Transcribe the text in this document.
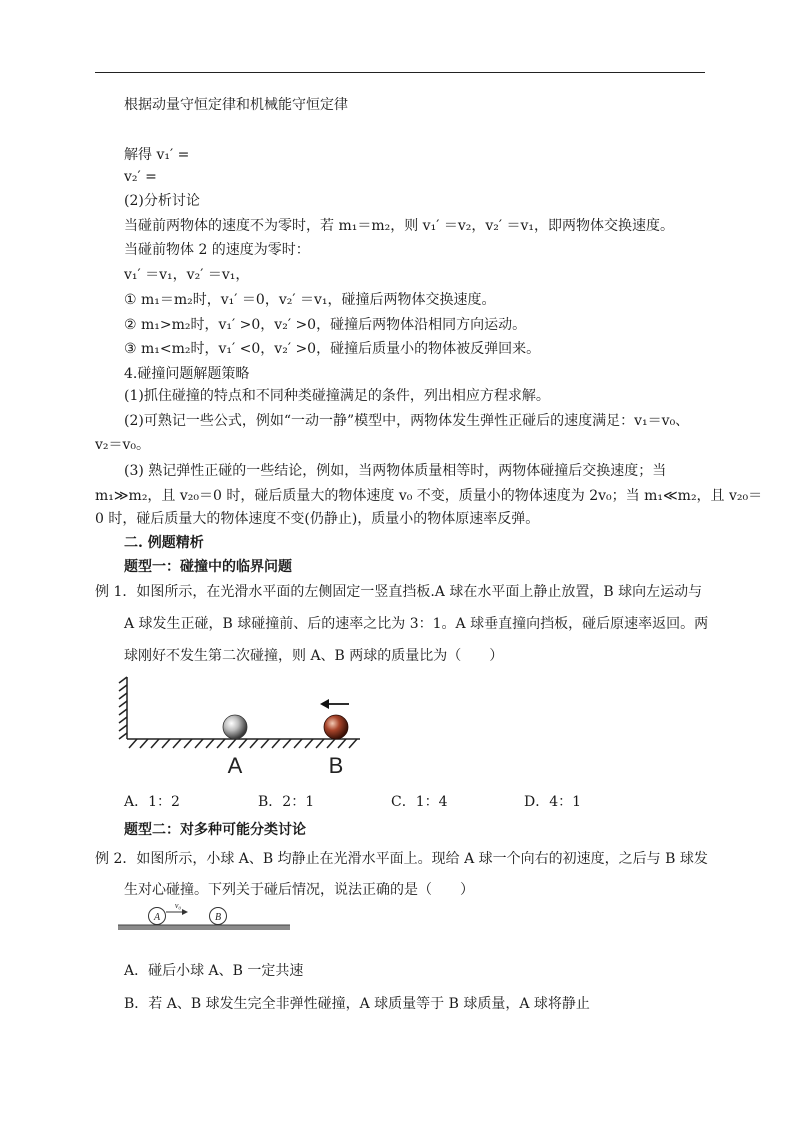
根据动量守恒定律和机械能守恒定律
解得 v₁′ =
v₂′ =
(2)分析讨论
当碰前两物体的速度不为零时，若 m₁＝m₂，则 v₁′ ＝v₂，v₂′ ＝v₁，即两物体交换速度。
当碰前物体 2 的速度为零时：
v₁′ ＝v₁，v₂′ ＝v₁，
① m₁＝m₂时，v₁′ ＝0，v₂′ ＝v₁，碰撞后两物体交换速度。
② m₁>m₂时，v₁′ >0，v₂′ >0，碰撞后两物体沿相同方向运动。
③ m₁<m₂时，v₁′ <0，v₂′ >0，碰撞后质量小的物体被反弹回来。
4.碰撞问题解题策略
(1)抓住碰撞的特点和不同种类碰撞满足的条件，列出相应方程求解。
(2)可熟记一些公式，例如“一动一静”模型中，两物体发生弹性正碰后的速度满足：v₁＝v₀、
v₂＝v₀。
(3) 熟记弹性正碰的一些结论，例如，当两物体质量相等时，两物体碰撞后交换速度；当
m₁≫m₂，且 v₂₀＝0 时，碰后质量大的物体速度 v₀ 不变，质量小的物体速度为 2v₀；当 m₁≪m₂，且 v₂₀＝
0 时，碰后质量大的物体速度不变(仍静止)，质量小的物体原速率反弹。
二. 例题精析
题型一：碰撞中的临界问题
例 1．如图所示，在光滑水平面的左侧固定一竖直挡板.A 球在水平面上静止放置，B 球向左运动与
A 球发生正碰，B 球碰撞前、后的速率之比为 3：1。A 球垂直撞向挡板，碰后原速率返回。两
球刚好不发生第二次碰撞，则 A、B 两球的质量比为（　　）
A	B
A．1：2	B．2：1	C．1：4	D．4：1
题型二：对多种可能分类讨论
例 2．如图所示，小球 A、B 均静止在光滑水平面上。现给 A 球一个向右的初速度，之后与 B 球发
生对心碰撞。下列关于碰后情况，说法正确的是（　　）
A	B
v₀
A．碰后小球 A、B 一定共速
B．若 A、B 球发生完全非弹性碰撞，A 球质量等于 B 球质量，A 球将静止
